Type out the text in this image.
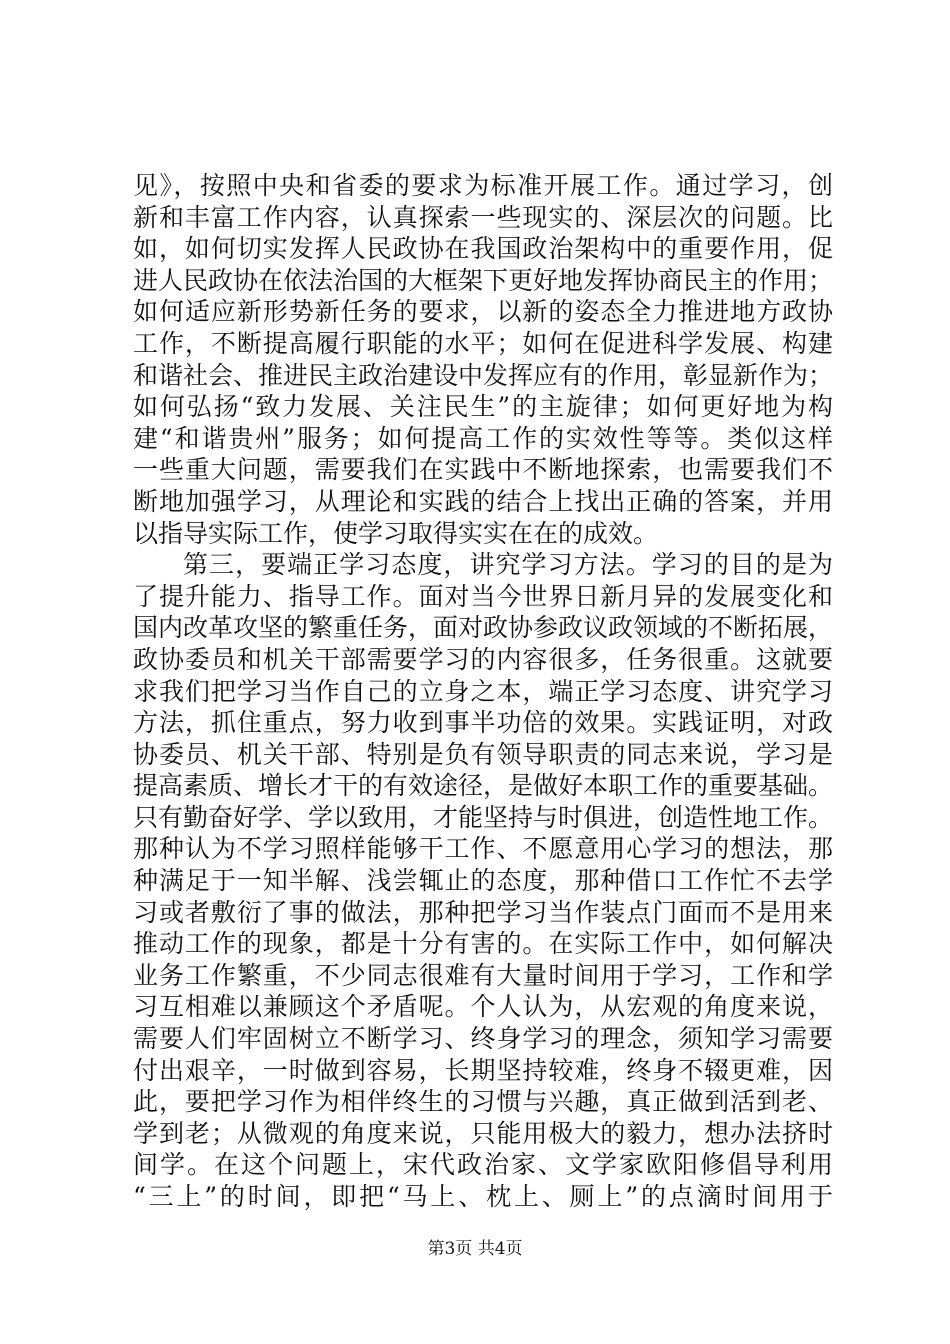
见》，按照中央和省委的要求为标准开展工作。通过学习，创
新和丰富工作内容，认真探索一些现实的、深层次的问题。比
如，如何切实发挥人民政协在我国政治架构中的重要作用，促
进人民政协在依法治国的大框架下更好地发挥协商民主的作用；
如何适应新形势新任务的要求，以新的姿态全力推进地方政协
工作，不断提高履行职能的水平；如何在促进科学发展、构建
和谐社会、推进民主政治建设中发挥应有的作用，彰显新作为；
如何弘扬“致力发展、关注民生”的主旋律；如何更好地为构
建“和谐贵州”服务；如何提高工作的实效性等等。类似这样
一些重大问题，需要我们在实践中不断地探索，也需要我们不
断地加强学习，从理论和实践的结合上找出正确的答案，并用
以指导实际工作，使学习取得实实在在的成效。
第三，要端正学习态度，讲究学习方法。学习的目的是为
了提升能力、指导工作。面对当今世界日新月异的发展变化和
国内改革攻坚的繁重任务，面对政协参政议政领域的不断拓展，
政协委员和机关干部需要学习的内容很多，任务很重。这就要
求我们把学习当作自己的立身之本，端正学习态度、讲究学习
方法，抓住重点，努力收到事半功倍的效果。实践证明，对政
协委员、机关干部、特别是负有领导职责的同志来说，学习是
提高素质、增长才干的有效途径，是做好本职工作的重要基础。
只有勤奋好学、学以致用，才能坚持与时俱进，创造性地工作。
那种认为不学习照样能够干工作、不愿意用心学习的想法，那
种满足于一知半解、浅尝辄止的态度，那种借口工作忙不去学
习或者敷衍了事的做法，那种把学习当作装点门面而不是用来
推动工作的现象，都是十分有害的。在实际工作中，如何解决
业务工作繁重，不少同志很难有大量时间用于学习，工作和学
习互相难以兼顾这个矛盾呢。个人认为，从宏观的角度来说，
需要人们牢固树立不断学习、终身学习的理念，须知学习需要
付出艰辛，一时做到容易，长期坚持较难，终身不辍更难，因
此，要把学习作为相伴终生的习惯与兴趣，真正做到活到老、
学到老；从微观的角度来说，只能用极大的毅力，想办法挤时
间学。在这个问题上，宋代政治家、文学家欧阳修倡导利用
“三上”的时间，即把“马上、枕上、厕上”的点滴时间用于
第3页 共4页
